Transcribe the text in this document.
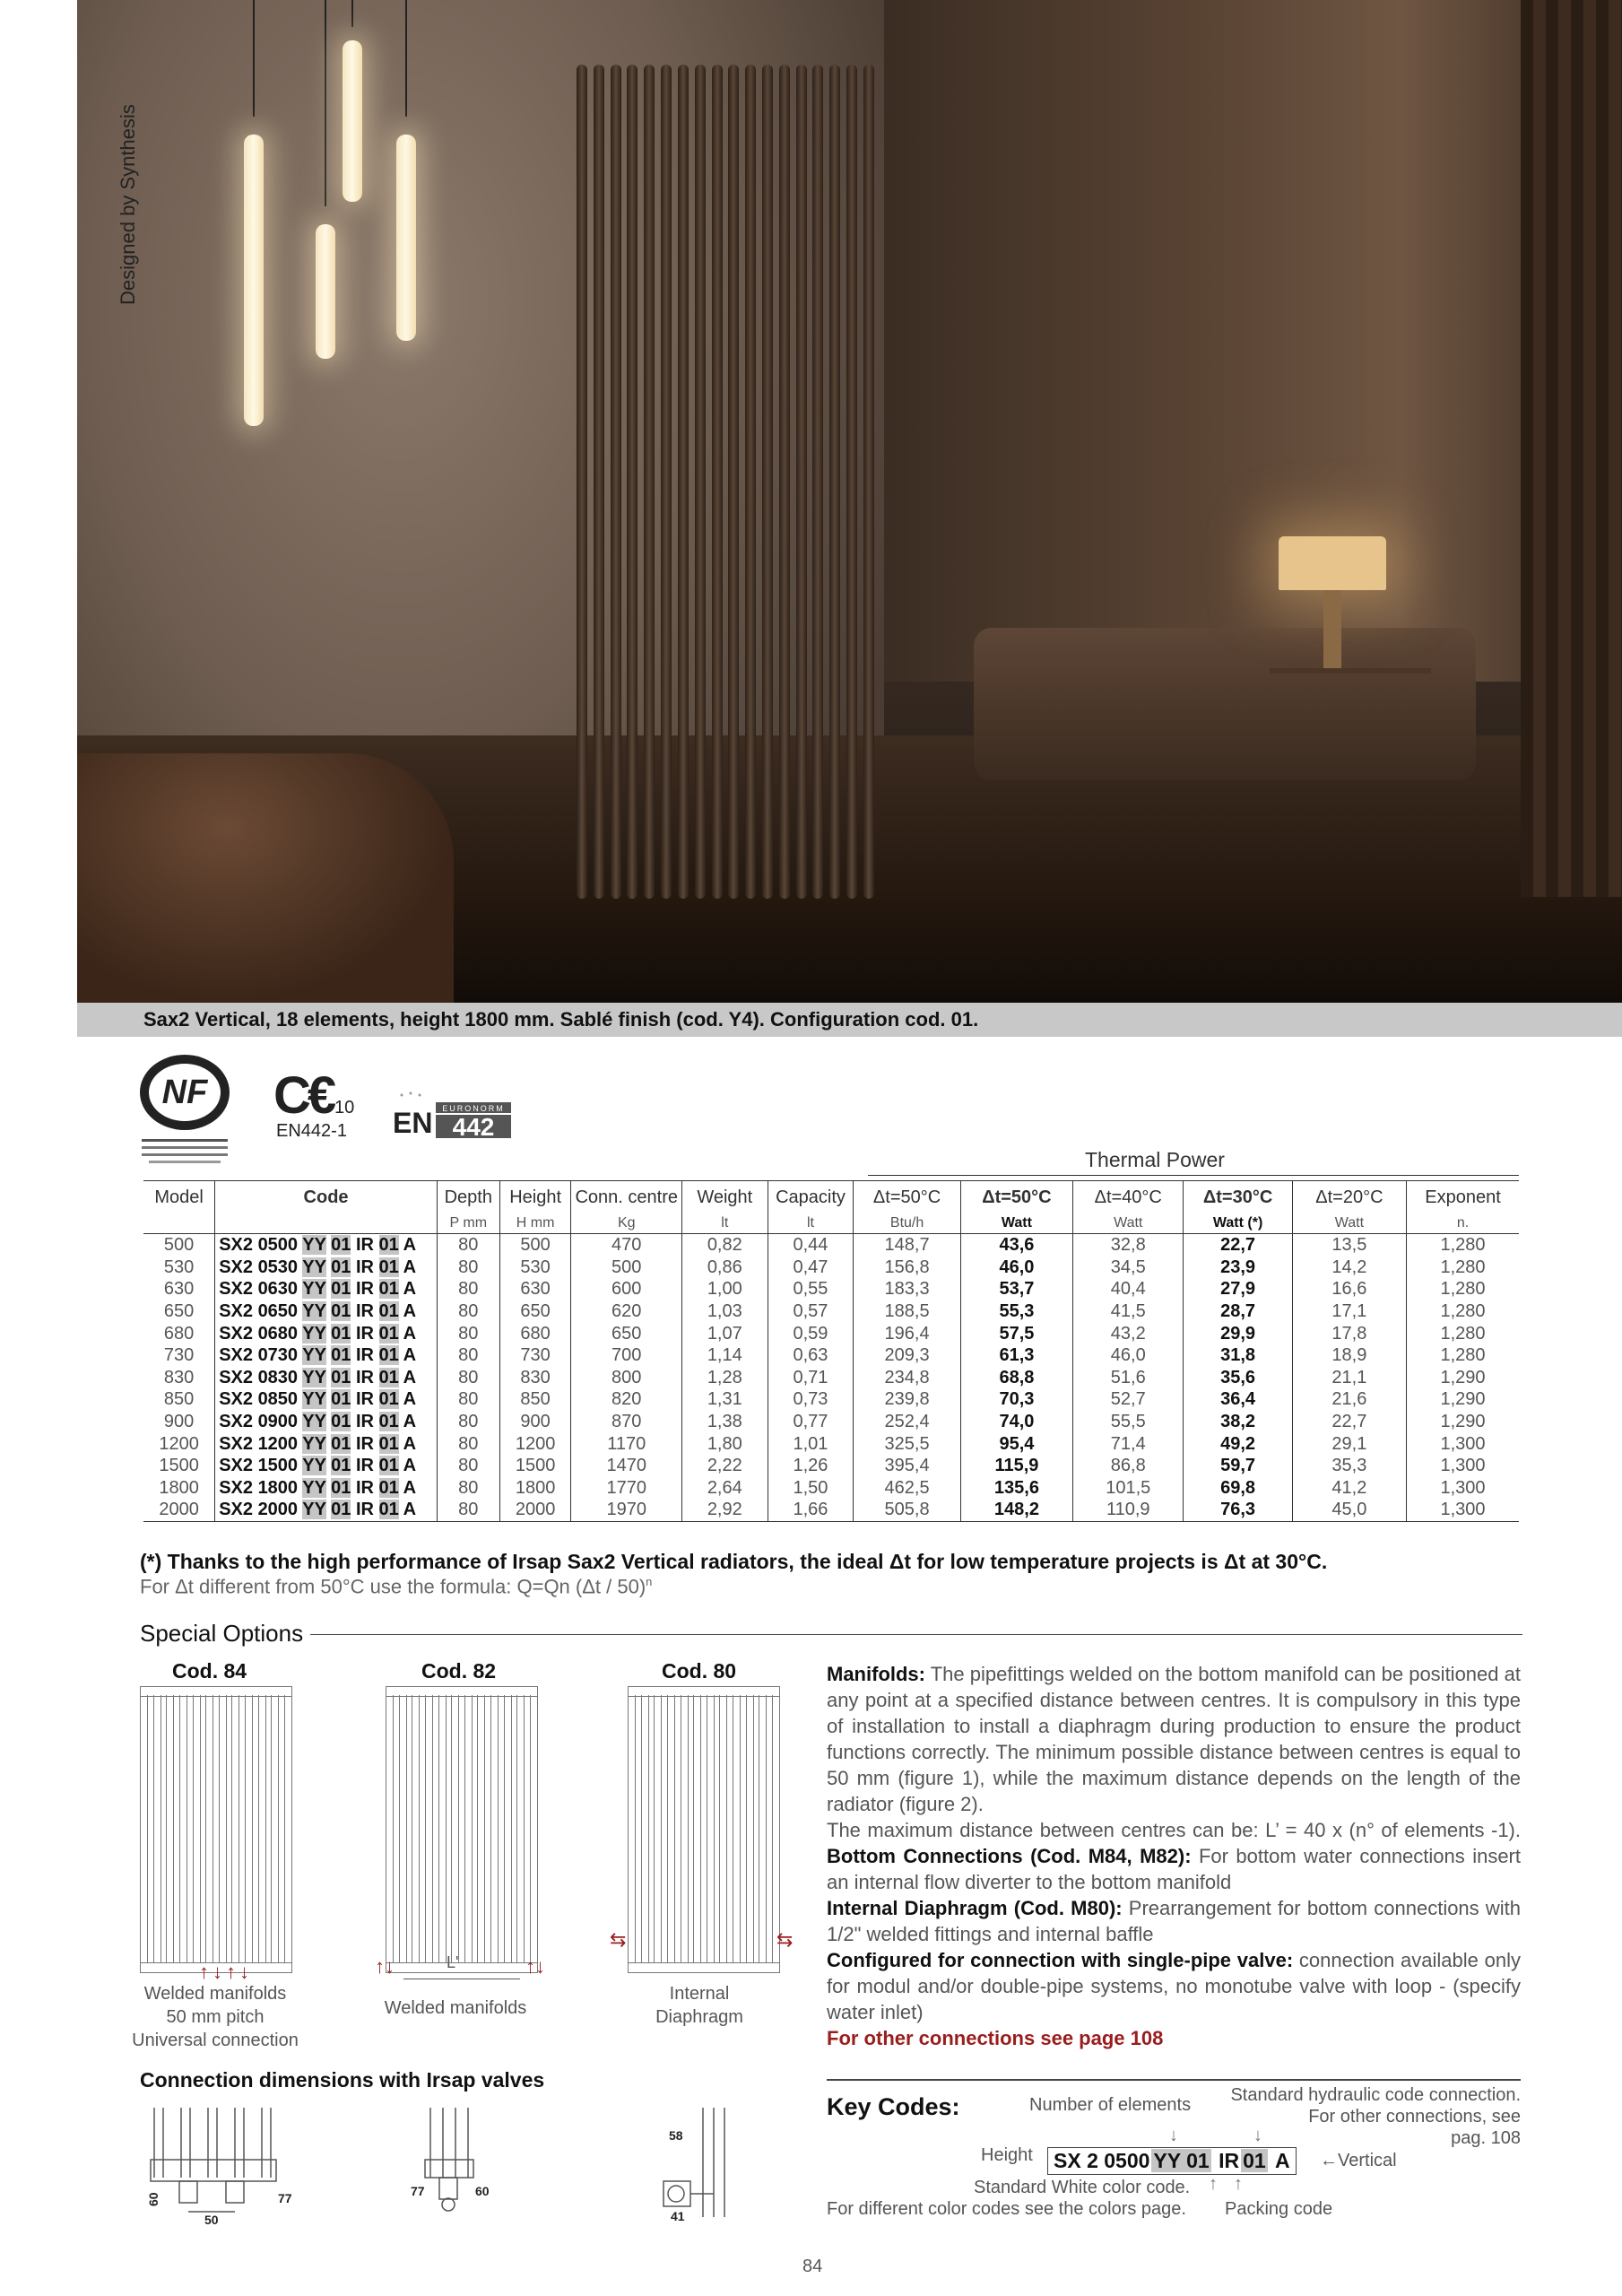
Designed by Synthesis
Sax2 Vertical, 18 elements, height 1800 mm. Sablé finish (cod. Y4). Configuration cod. 01.
NF C€ 10
EN442-1 EN EURONORM
442
Thermal Power
Model	Code	Depth	Height	Conn. centre	Weight	Capacity	Δt=50°C	Δt=50°C	Δt=40°C	Δt=30°C	Δt=20°C	Exponent
		P mm	H mm	Kg	lt	lt	Btu/h	Watt	Watt	Watt (*)	Watt	n.
500	SX2 0500 YY 01 IR 01 A	80	500	470	0,82	0,44	148,7	43,6	32,8	22,7	13,5	1,280
530	SX2 0530 YY 01 IR 01 A	80	530	500	0,86	0,47	156,8	46,0	34,5	23,9	14,2	1,280
630	SX2 0630 YY 01 IR 01 A	80	630	600	1,00	0,55	183,3	53,7	40,4	27,9	16,6	1,280
650	SX2 0650 YY 01 IR 01 A	80	650	620	1,03	0,57	188,5	55,3	41,5	28,7	17,1	1,280
680	SX2 0680 YY 01 IR 01 A	80	680	650	1,07	0,59	196,4	57,5	43,2	29,9	17,8	1,280
730	SX2 0730 YY 01 IR 01 A	80	730	700	1,14	0,63	209,3	61,3	46,0	31,8	18,9	1,280
830	SX2 0830 YY 01 IR 01 A	80	830	800	1,28	0,71	234,8	68,8	51,6	35,6	21,1	1,290
850	SX2 0850 YY 01 IR 01 A	80	850	820	1,31	0,73	239,8	70,3	52,7	36,4	21,6	1,290
900	SX2 0900 YY 01 IR 01 A	80	900	870	1,38	0,77	252,4	74,0	55,5	38,2	22,7	1,290
1200	SX2 1200 YY 01 IR 01 A	80	1200	1170	1,80	1,01	325,5	95,4	71,4	49,2	29,1	1,300
1500	SX2 1500 YY 01 IR 01 A	80	1500	1470	2,22	1,26	395,4	115,9	86,8	59,7	35,3	1,300
1800	SX2 1800 YY 01 IR 01 A	80	1800	1770	2,64	1,50	462,5	135,6	101,5	69,8	41,2	1,300
2000	SX2 2000 YY 01 IR 01 A	80	2000	1970	2,92	1,66	505,8	148,2	110,9	76,3	45,0	1,300
(*) Thanks to the high performance of Irsap Sax2 Vertical radiators, the ideal Δt for low temperature projects is Δt at 30°C.
For Δt different from 50°C use the formula: Q=Qn (Δt / 50)$^n$
Special Options
Cod. 84	Cod. 82	Cod. 80
↑↓↑↓	↑↓	↑↓
L'
⇆	⇆
Welded manifolds
50 mm pitch
Universal connection
Welded manifolds
Internal
Diaphragm
Manifolds: The pipefittings welded on the bottom manifold can be positioned at any point at a specified distance between centres. It is compulsory in this type of installation to install a diaphragm during production to ensure the product functions correctly. The minimum possible distance between centres is equal to 50 mm (figure 1), while the maximum distance depends on the length of the radiator (figure 2).
The maximum distance between centres can be: L’ = 40 x (n° of elements -1). Bottom Connections (Cod. M84, M82): For bottom water connections insert an internal flow diverter to the bottom manifold
Internal Diaphragm (Cod. M80): Prearrangement for bottom connections with 1/2" welded fittings and internal baffle
Configured for connection with single-pipe valve: connection available only for modul and/or double-pipe systems, no monotube valve with loop - (specify water inlet)
For other connections see page 108
Connection dimensions with Irsap valves
60	77
50
77	60
58
41
Key Codes:	Number of elements	Standard hydraulic code connection.
For other connections, see
pag. 108
Height	SX 2 0500 YY 01 IR 01 A	←Vertical
Standard White color code.
For different color codes see the colors page. Packing code
↓	↓
↑ ↑
84
